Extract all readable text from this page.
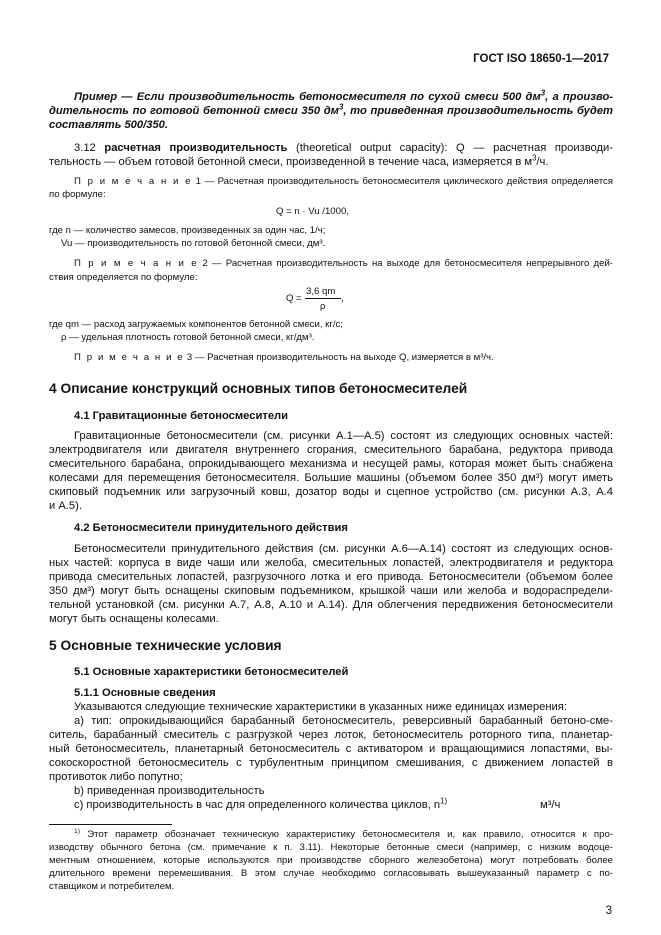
ГОСТ ISO 18650-1—2017
Пример — Если производительность бетоносмесителя по сухой смеси 500 $дм^3$, а произво-
дительность по готовой бетонной смеси 350 $дм^3$, то приведенная производительность будет
составлять 500/350.
3.12 расчетная производительность (theoretical output capacity): Q — расчетная производи-
тельность — объем готовой бетонной смеси, произведенной в течение часа, измеряется в $м^3/ч$.
П р и м е ч а н и е 1 — Расчетная производительность бетоносмесителя циклического действия определяется
по формуле:
Q = n · Vu /1000,
где n — количество замесов, произведенных за один час, 1/ч;
Vu — производительность по готовой бетонной смеси, дм³.
П р и м е ч а н и е 2 — Расчетная производительность на выходе для бетоносмесителя непрерывного дей-
ствия определяется по формуле:
Q =
3,6 qm
ρ
,
где qm — расход загружаемых компонентов бетонной смеси, кг/с;
ρ — удельная плотность готовой бетонной смеси, кг/дм³.
П р и м е ч а н и е 3 — Расчетная производительность на выходе Q, измеряется в м³/ч.
4 Описание конструкций основных типов бетоносмесителей
4.1 Гравитационные бетоносмесители
Гравитационные бетоносмесители (см. рисунки А.1—А.5) состоят из следующих основных частей:
электродвигателя или двигателя внутреннего сгорания, смесительного барабана, редуктора привода
смесительного барабана, опрокидывающего механизма и несущей рамы, которая может быть снабжена
колесами для перемещения бетоносмесителя. Большие машины (объемом более 350 дм³) могут иметь
скиповый подъемник или загрузочный ковш, дозатор воды и сцепное устройство (см. рисунки А.3, А.4
и А.5).
4.2 Бетоносмесители принудительного действия
Бетоносмесители принудительного действия (см. рисунки А.6—А.14) состоят из следующих основ-
ных частей: корпуса в виде чаши или желоба, смесительных лопастей, электродвигателя и редуктора
привода смесительных лопастей, разгрузочного лотка и его привода. Бетоносмесители (объемом более
350 дм³) могут быть оснащены скиповым подъемником, крышкой чаши или желоба и водораспредели-
тельной установкой (см. рисунки А.7, А.8, А.10 и А.14). Для облегчения передвижения бетоносмесители
могут быть оснащены колесами.
5 Основные технические условия
5.1 Основные характеристики бетоносмесителей
5.1.1 Основные сведения
Указываются следующие технические характеристики в указанных ниже единицах измерения:
а) тип: опрокидывающийся барабанный бетоносмеситель, реверсивный барабанный бетоно-сме-
ситель, барабанный смеситель с разгрузкой через лоток, бетоносмеситель роторного типа, планетар-
ный бетоносмеситель, планетарный бетоносмеситель с активатором и вращающимися лопастями, вы-
сокоскоростной бетоносмеситель с турбулентным принципом смешивания, с движением лопастей в
противоток либо попутно;
b) приведенная производительность
c) производительность в час для определенного количества циклов, $n^{1)}$	м³/ч
$^{1)}$ Этот параметр обозначает техническую характеристику бетоносмесителя и, как правило, относится к про-
изводству обычного бетона (см. примечание к п. 3.11). Некоторые бетонные смеси (например, с низким водоце-
ментным отношением, которые используются при производстве сборного железобетона) могут потребовать более
длительного времени перемешивания. В этом случае необходимо согласовывать вышеуказанный параметр с по-
ставщиком и потребителем.
3
